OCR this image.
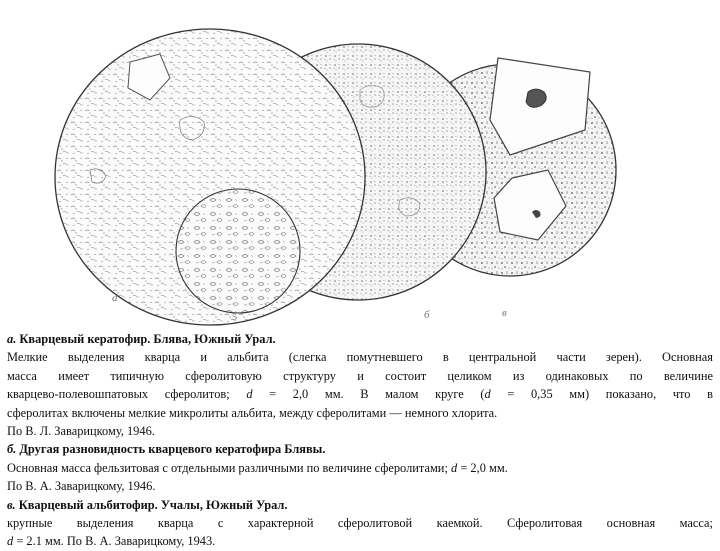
в
б
а
5
а. Кварцевый кератофир. Блява, Южный Урал.
Мелкие выделения кварца и альбита (слегка помутневшего в центральной части зерен). Основная
масса имеет типичную сферолитовую структуру и состоит целиком из одинаковых по величине
кварцево-полевошпатовых сферолитов; d = 2,0 мм. В малом круге (d = 0,35 мм) показано, что в
сферолитах включены мелкие микролиты альбита, между сферолитами — немного хлорита.
По В. Л. Заварицкому, 1946.
б. Другая разновидность кварцевого кератофира Блявы.
Основная масса фельзитовая с отдельными различными по величине сферолитами; d = 2,0 мм.
По В. А. Заварицкому, 1946.
в. Кварцевый альбитофир. Учалы, Южный Урал.
крупные выделения кварца с характерной сферолитовой каемкой. Сферолитовая основная масса;
d = 2.1 мм. По В. А. Заварицкому, 1943.
